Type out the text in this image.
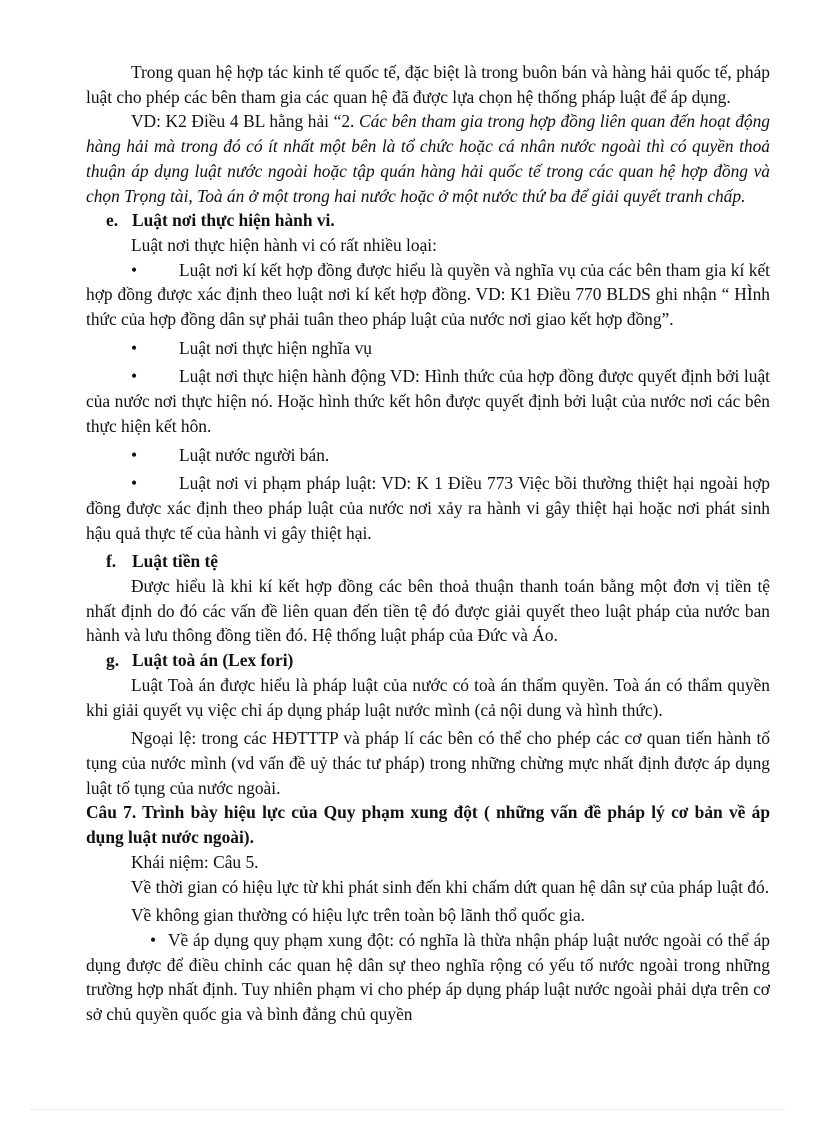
Trong quan hệ hợp tác kinh tế quốc tế, đặc biệt là trong buôn bán và hàng hải quốc tế, pháp luật cho phép các bên tham gia các quan hệ đã được lựa chọn hệ thống pháp luật để áp dụng.

VD: K2 Điều 4 BL hằng hải “2. Các bên tham gia trong hợp đồng liên quan đến hoạt động hàng hải mà trong đó có ít nhất một bên là tổ chức hoặc cá nhân nước ngoài thì có quyền thoả thuận áp dụng luật nước ngoài hoặc tập quán hàng hải quốc tế trong các quan hệ hợp đồng và chọn Trọng tài, Toà án ở một trong hai nước hoặc ở một nước thứ ba để giải quyết tranh chấp.

e. Luật nơi thực hiện hành vi.

Luật nơi thực hiện hành vi có rất nhiều loại:

• Luật nơi kí kết hợp đồng được hiểu là quyền và nghĩa vụ của các bên tham gia kí kết hợp đồng được xác định theo luật nơi kí kết hợp đồng. VD: K1 Điều 770 BLDS ghi nhận “ HÌnh thức của hợp đồng dân sự phải tuân theo pháp luật của nước nơi giao kết hợp đồng”.

• Luật nơi thực hiện nghĩa vụ

• Luật nơi thực hiện hành động VD: Hình thức của hợp đồng được quyết định bởi luật của nước nơi thực hiện nó. Hoặc hình thức kết hôn được quyết định bởi luật của nước nơi các bên thực hiện kết hôn.

• Luật nước người bán.

• Luật nơi vi phạm pháp luật: VD: K 1 Điều 773 Việc bồi thường thiệt hại ngoài hợp đồng được xác định theo pháp luật của nước nơi xảy ra hành vi gây thiệt hại hoặc nơi phát sinh hậu quả thực tế của hành vi gây thiệt hại.

f. Luật tiền tệ

Được hiểu là khi kí kết hợp đồng các bên thoả thuận thanh toán bằng một đơn vị tiền tệ nhất định do đó các vấn đề liên quan đến tiền tệ đó được giải quyết theo luật pháp của nước ban hành và lưu thông đồng tiền đó. Hệ thống luật pháp của Đức và Áo.

g. Luật toà án (Lex fori)

Luật Toà án được hiểu là pháp luật của nước có toà án thẩm quyền. Toà án có thẩm quyền khi giải quyết vụ việc chỉ áp dụng pháp luật nước mình (cả nội dung và hình thức).

Ngoại lệ: trong các HĐTTTP và pháp lí các bên có thể cho phép các cơ quan tiến hành tố tụng của nước mình (vd vấn đề uỷ thác tư pháp) trong những chừng mực nhất định được áp dụng luật tố tụng của nước ngoài.

Câu 7. Trình bày hiệu lực của Quy phạm xung đột ( những vấn đề pháp lý cơ bản về áp dụng luật nước ngoài).

Khái niệm: Câu 5.

Về thời gian có hiệu lực từ khi phát sinh đến khi chấm dứt quan hệ dân sự của pháp luật đó.

Về không gian thường có hiệu lực trên toàn bộ lãnh thổ quốc gia.

• Về áp dụng quy phạm xung đột: có nghĩa là thừa nhận pháp luật nước ngoài có thể áp dụng được để điều chỉnh các quan hệ dân sự theo nghĩa rộng có yếu tố nước ngoài trong những trường hợp nhất định. Tuy nhiên phạm vi cho phép áp dụng pháp luật nước ngoài phải dựa trên cơ sở chủ quyền quốc gia và bình đẳng chủ quyền
